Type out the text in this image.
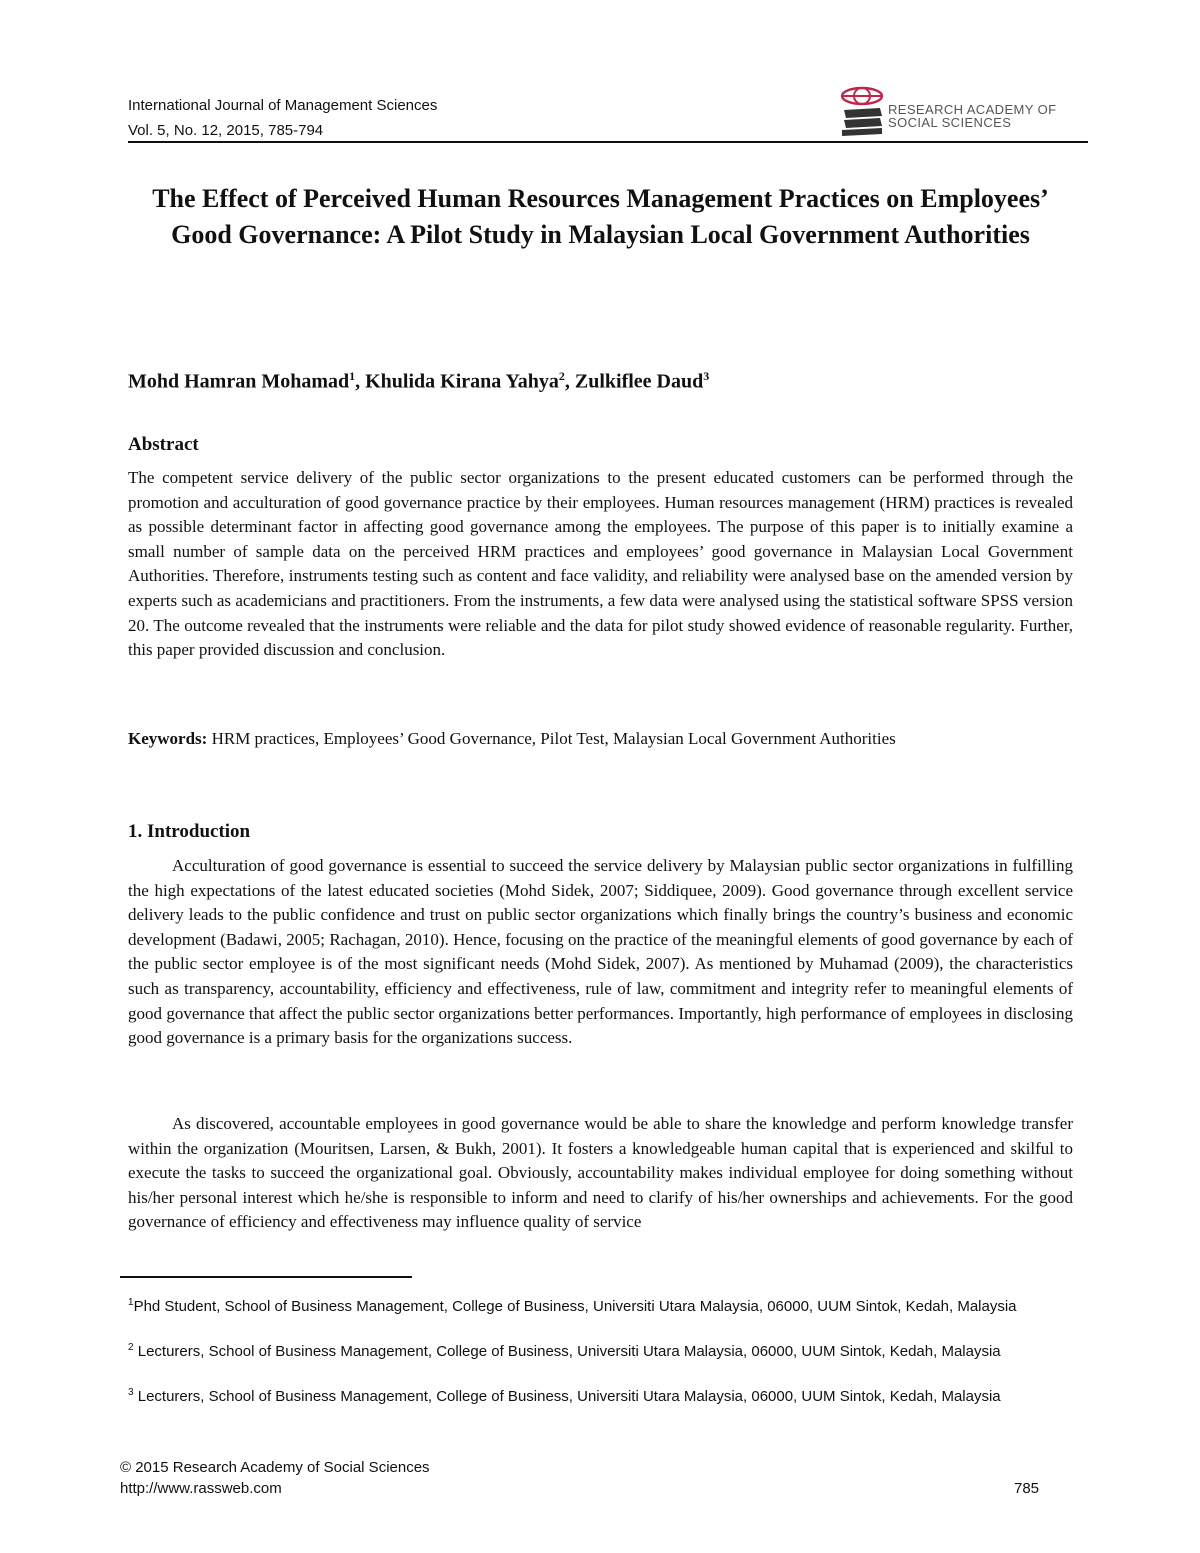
International Journal of Management Sciences
Vol. 5, No. 12, 2015, 785-794
RESEARCH ACADEMY OF
SOCIAL SCIENCES
The Effect of Perceived Human Resources Management Practices on Employees’ Good Governance: A Pilot Study in Malaysian Local Government Authorities
Mohd Hamran Mohamad$^1$, Khulida Kirana Yahya$^2$, Zulkiflee Daud$^3$
Abstract
The competent service delivery of the public sector organizations to the present educated customers can be performed through the promotion and acculturation of good governance practice by their employees. Human resources management (HRM) practices is revealed as possible determinant factor in affecting good governance among the employees. The purpose of this paper is to initially examine a small number of sample data on the perceived HRM practices and employees’ good governance in Malaysian Local Government Authorities. Therefore, instruments testing such as content and face validity, and reliability were analysed base on the amended version by experts such as academicians and practitioners. From the instruments, a few data were analysed using the statistical software SPSS version 20. The outcome revealed that the instruments were reliable and the data for pilot study showed evidence of reasonable regularity. Further, this paper provided discussion and conclusion.
Keywords: HRM practices, Employees’ Good Governance, Pilot Test, Malaysian Local Government Authorities
1. Introduction
Acculturation of good governance is essential to succeed the service delivery by Malaysian public sector organizations in fulfilling the high expectations of the latest educated societies (Mohd Sidek, 2007; Siddiquee, 2009). Good governance through excellent service delivery leads to the public confidence and trust on public sector organizations which finally brings the country’s business and economic development (Badawi, 2005; Rachagan, 2010). Hence, focusing on the practice of the meaningful elements of good governance by each of the public sector employee is of the most significant needs (Mohd Sidek, 2007). As mentioned by Muhamad (2009), the characteristics such as transparency, accountability, efficiency and effectiveness, rule of law, commitment and integrity refer to meaningful elements of good governance that affect the public sector organizations better performances. Importantly, high performance of employees in disclosing good governance is a primary basis for the organizations success.
As discovered, accountable employees in good governance would be able to share the knowledge and perform knowledge transfer within the organization (Mouritsen, Larsen, & Bukh, 2001). It fosters a knowledgeable human capital that is experienced and skilful to execute the tasks to succeed the organizational goal. Obviously, accountability makes individual employee for doing something without his/her personal interest which he/she is responsible to inform and need to clarify of his/her ownerships and achievements. For the good governance of efficiency and effectiveness may influence quality of service
$^1$Phd Student, School of Business Management, College of Business, Universiti Utara Malaysia, 06000, UUM Sintok, Kedah, Malaysia
$^2$ Lecturers, School of Business Management, College of Business, Universiti Utara Malaysia, 06000, UUM Sintok, Kedah, Malaysia
$^3$ Lecturers, School of Business Management, College of Business, Universiti Utara Malaysia, 06000, UUM Sintok, Kedah, Malaysia
© 2015 Research Academy of Social Sciences
http://www.rassweb.com	785
